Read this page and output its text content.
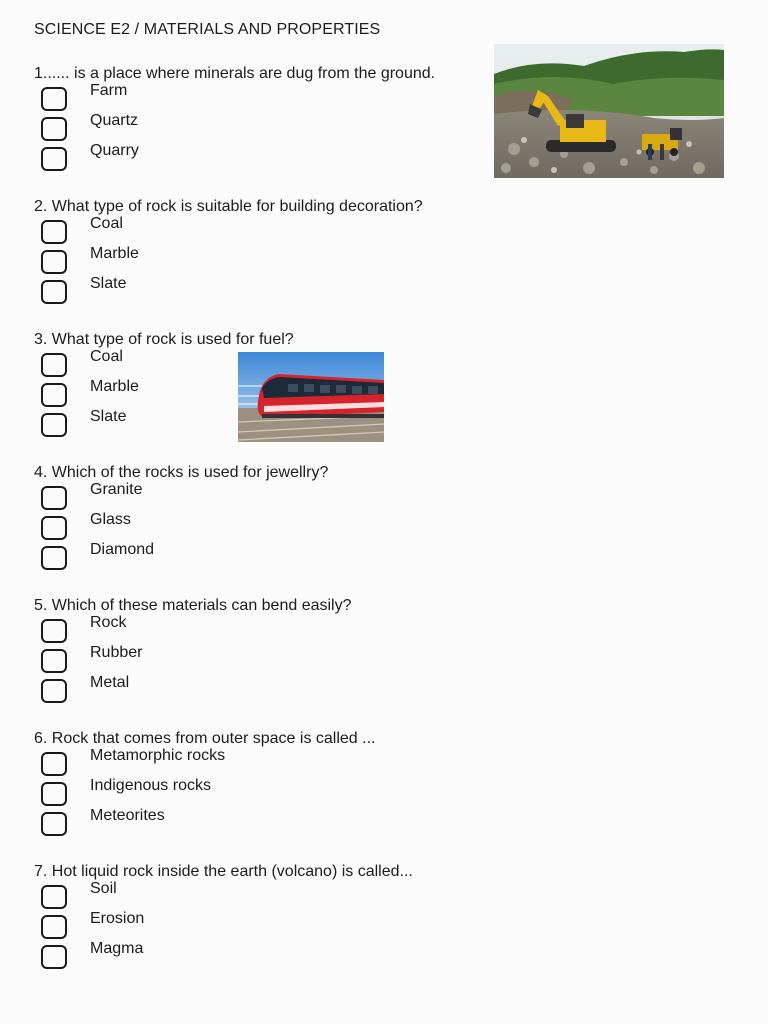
SCIENCE E2 / MATERIALS AND PROPERTIES
1...... is a place where minerals are dug from the ground.
Farm
Quartz
Quarry
2. What type of rock is suitable for building decoration?
Coal
Marble
Slate
3. What type of rock is used for fuel?
Coal
Marble
Slate
4. Which of the rocks is used for jewellry?
Granite
Glass
Diamond
5. Which of these materials can bend easily?
Rock
Rubber
Metal
6. Rock that comes from outer space is called ...
Metamorphic rocks
Indigenous rocks
Meteorites
7. Hot liquid rock inside the earth (volcano) is called...
Soil
Erosion
Magma
